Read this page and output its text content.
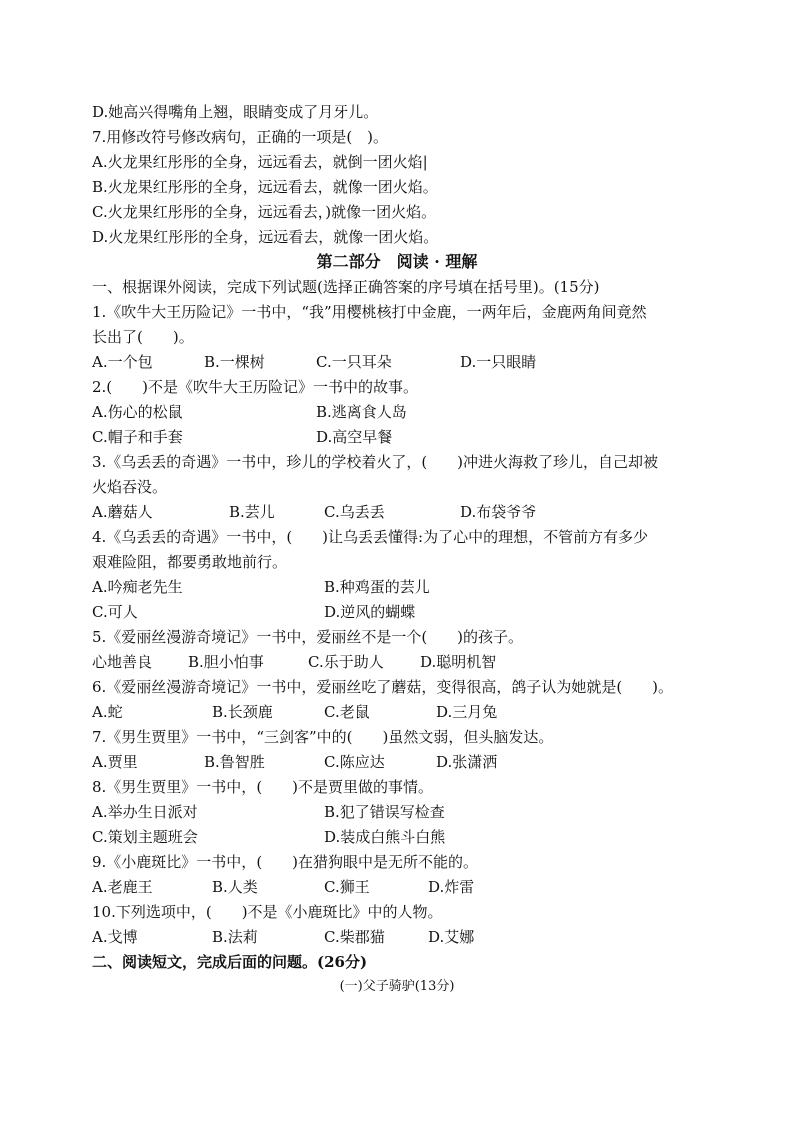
D.她高兴得嘴角上翘，眼睛变成了月牙儿。
7.用修改符号修改病句，正确的一项是(　)。
A.火龙果红彤彤的全身，远远看去，就倒一团火焰|
B.火龙果红彤彤的全身，远远看去，就像一团火焰。
C.火龙果红彤彤的全身，远远看去，)就像一团火焰。
D.火龙果红彤彤的全身，远远看去，就像一团火焰。
第二部分　阅读 · 理解
一、根据课外阅读，完成下列试题(选择正确答案的序号填在括号里)。(15分)
1.《吹牛大王历险记》一书中，“我”用樱桃核打中金鹿，一两年后，金鹿两角间竟然
长出了(　　)。
A.一个包	B.一棵树	C.一只耳朵	D.一只眼睛
2.(　　)不是《吹牛大王历险记》一书中的故事。
A.伤心的松鼠	B.逃离食人岛
C.帽子和手套	D.高空早餐
3.《乌丢丢的奇遇》一书中，珍儿的学校着火了，(　　)冲进火海救了珍儿，自己却被
火焰吞没。
A.蘑菇人	B.芸儿	C.乌丢丢	D.布袋爷爷
4.《乌丢丢的奇遇》一书中，(　　)让乌丢丢懂得:为了心中的理想，不管前方有多少
艰难险阻，都要勇敢地前行。
A.吟痴老先生	B.种鸡蛋的芸儿
C.可人	D.逆风的蝴蝶
5.《爱丽丝漫游奇境记》一书中，爱丽丝不是一个(　　)的孩子。
心地善良 B.胆小怕事	C.乐于助人 D.聪明机智
6.《爱丽丝漫游奇境记》一书中，爱丽丝吃了蘑菇，变得很高，鸽子认为她就是(　　)。
A.蛇	B.长颈鹿	C.老鼠	D.三月兔
7.《男生贾里》一书中，“三剑客”中的(　　)虽然文弱，但头脑发达。
A.贾里	B.鲁智胜	C.陈应达	D.张潇洒
8.《男生贾里》一书中，(　　)不是贾里做的事情。
A.举办生日派对	B.犯了错误写检查
C.策划主题班会	D.装成白熊斗白熊
9.《小鹿斑比》一书中，(　　)在猎狗眼中是无所不能的。
A.老鹿王	B.人类	C.狮王	D.炸雷
10.下列选项中，(　　)不是《小鹿斑比》中的人物。
A.戈博	B.法莉	C.柴郡猫	D.艾娜
二、阅读短文，完成后面的问题。(26分)
(一)父子骑驴(13分)
